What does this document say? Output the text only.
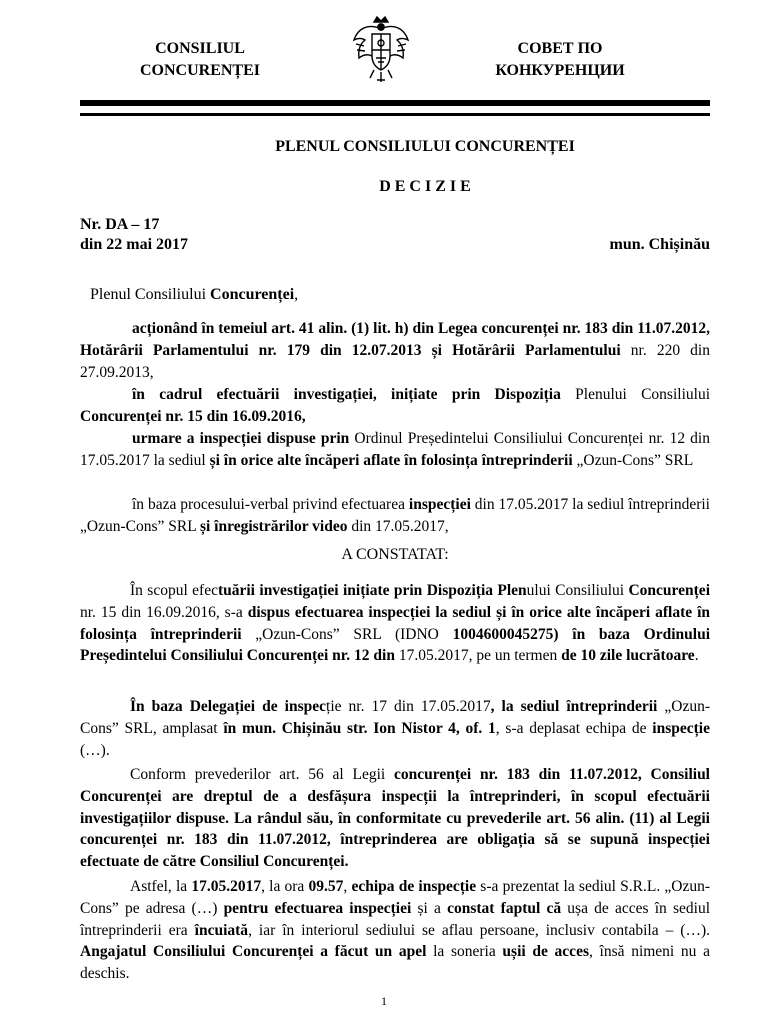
CONSILIUL
CONCURENȚEI
СОВЕТ ПО
КОНКУРЕНЦИИ
PLENUL CONSILIULUI CONCURENȚEI
D E C I Z I E
Nr. DA – 17
din 22 mai 2017	mun. Chișinău
Plenul Consiliului Concurenței,

acționând în temeiul art. 41 alin. (1) lit. h) din Legea concurenței nr. 183 din 11.07.2012, Hotărârii Parlamentului nr. 179 din 12.07.2013 și Hotărârii Parlamentului nr. 220 din 27.09.2013,

în cadrul efectuării investigației, inițiate prin Dispoziția Plenului Consiliului Concurenței nr. 15 din 16.09.2016,

urmare a inspecției dispuse prin Ordinul Președintelui Consiliului Concurenței nr. 12 din 17.05.2017 la sediul și în orice alte încăperi aflate în folosința întreprinderii „Ozun-Cons” SRL

în baza procesului-verbal privind efectuarea inspecției din 17.05.2017 la sediul întreprinderii „Ozun-Cons” SRL și înregistrărilor video din 17.05.2017,

A CONSTATAT:

În scopul efectuării investigației inițiate prin Dispoziția Plenului Consiliului Concurenței nr. 15 din 16.09.2016, s-a dispus efectuarea inspecției la sediul și în orice alte încăperi aflate în folosința întreprinderii „Ozun-Cons” SRL (IDNO 1004600045275) în baza Ordinului Președintelui Consiliului Concurenței nr. 12 din 17.05.2017, pe un termen de 10 zile lucrătoare.

În baza Delegației de inspecție nr. 17 din 17.05.2017, la sediul întreprinderii „Ozun-Cons” SRL, amplasat în mun. Chișinău str. Ion Nistor 4, of. 1, s-a deplasat echipa de inspecție (…).

Conform prevederilor art. 56 al Legii concurenței nr. 183 din 11.07.2012, Consiliul Concurenței are dreptul de a desfășura inspecții la întreprinderi, în scopul efectuării investigațiilor dispuse. La rândul său, în conformitate cu prevederile art. 56 alin. (11) al Legii concurenței nr. 183 din 11.07.2012, întreprinderea are obligația să se supună inspecției efectuate de către Consiliul Concurenței.

Astfel, la 17.05.2017, la ora 09.57, echipa de inspecție s-a prezentat la sediul S.R.L. „Ozun-Cons” pe adresa (…) pentru efectuarea inspecției și a constat faptul că ușa de acces în sediul întreprinderii era încuiată, iar în interiorul sediului se aflau persoane, inclusiv contabila – (…). Angajatul Consiliului Concurenței a făcut un apel la soneria ușii de acces, însă nimeni nu a deschis.

1
